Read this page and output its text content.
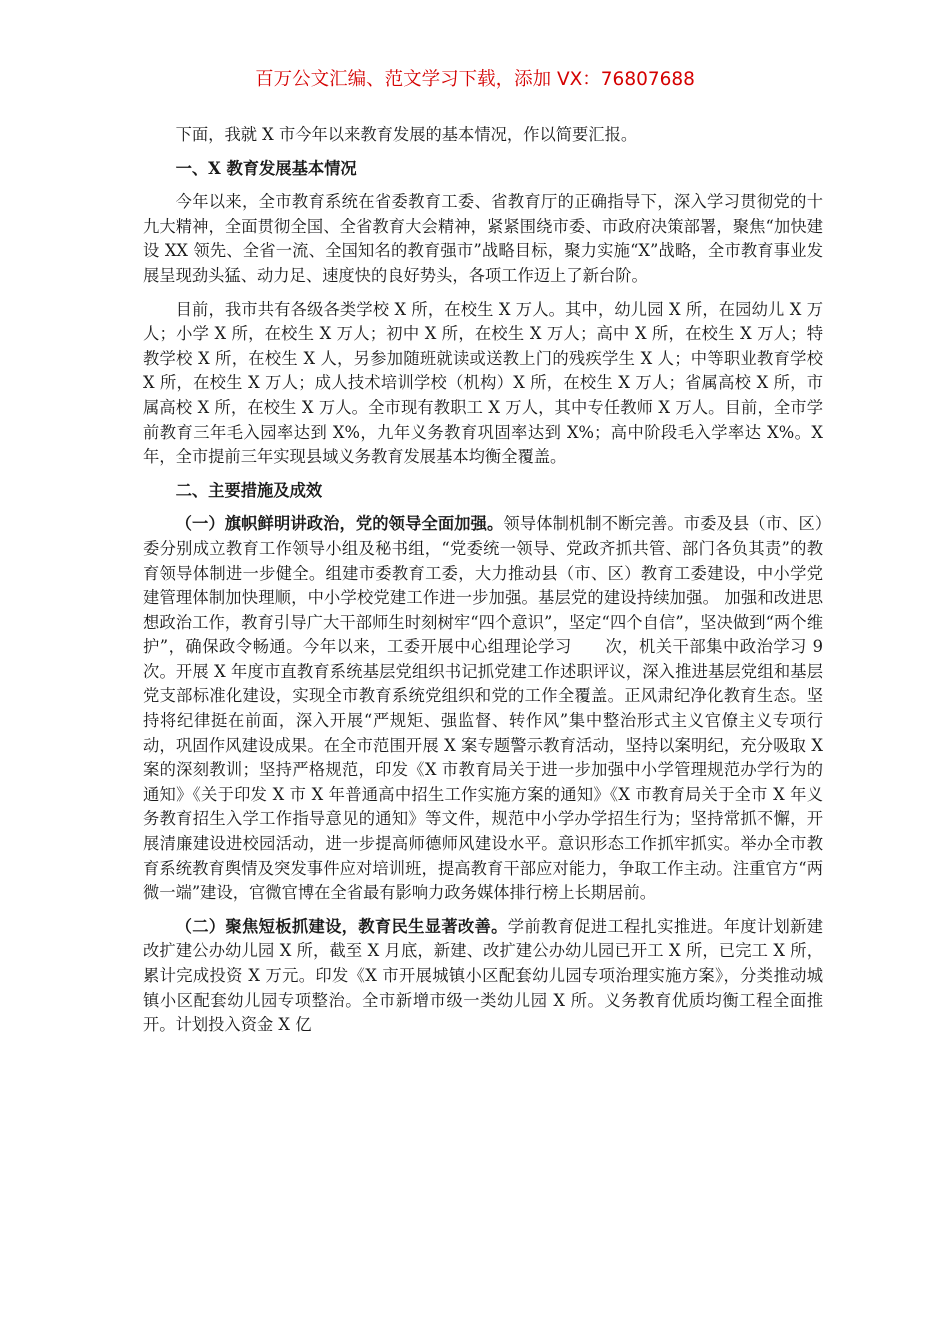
百万公文汇编、范文学习下载，添加 VX：76807688

下面，我就 X 市今年以来教育发展的基本情况，作以简要汇报。

一、X 教育发展基本情况

今年以来，全市教育系统在省委教育工委、省教育厅的正确指导下，深入学习贯彻党的十九大精神，全面贯彻全国、全省教育大会精神，紧紧围绕市委、市政府决策部署，聚焦“加快建设 XX 领先、全省一流、全国知名的教育强市”战略目标，聚力实施“X”战略，全市教育事业发展呈现劲头猛、动力足、速度快的良好势头，各项工作迈上了新台阶。

目前，我市共有各级各类学校 X 所，在校生 X 万人。其中，幼儿园 X 所，在园幼儿 X 万人；小学 X 所，在校生 X 万人；初中 X 所，在校生 X 万人；高中 X 所，在校生 X 万人；特教学校 X 所，在校生 X 人，另参加随班就读或送教上门的残疾学生 X 人；中等职业教育学校 X 所，在校生 X 万人；成人技术培训学校（机构）X 所，在校生 X 万人；省属高校 X 所，市属高校 X 所，在校生 X 万人。全市现有教职工 X 万人，其中专任教师 X 万人。目前，全市学前教育三年毛入园率达到 X%，九年义务教育巩固率达到 X%；高中阶段毛入学率达 X%。X 年，全市提前三年实现县域义务教育发展基本均衡全覆盖。

二、主要措施及成效

（一）旗帜鲜明讲政治，党的领导全面加强。领导体制机制不断完善。市委及县（市、区）委分别成立教育工作领导小组及秘书组，“党委统一领导、党政齐抓共管、部门各负其责”的教育领导体制进一步健全。组建市委教育工委，大力推动县（市、区）教育工委建设，中小学党建管理体制加快理顺，中小学校党建工作进一步加强。基层党的建设持续加强。 加强和改进思想政治工作，教育引导广大干部师生时刻树牢“四个意识”，坚定“四个自信”，坚决做到“两个维护”，确保政令畅通。今年以来，工委开展中心组理论学习　　次，机关干部集中政治学习 9 次。开展 X 年度市直教育系统基层党组织书记抓党建工作述职评议，深入推进基层党组和基层党支部标准化建设，实现全市教育系统党组织和党的工作全覆盖。正风肃纪净化教育生态。坚持将纪律挺在前面，深入开展“严规矩、强监督、转作风”集中整治形式主义官僚主义专项行动，巩固作风建设成果。在全市范围开展 X 案专题警示教育活动，坚持以案明纪，充分吸取 X 案的深刻教训；坚持严格规范，印发《X 市教育局关于进一步加强中小学管理规范办学行为的通知》《关于印发 X 市 X 年普通高中招生工作实施方案的通知》《X 市教育局关于全市 X 年义务教育招生入学工作指导意见的通知》等文件，规范中小学办学招生行为；坚持常抓不懈，开展清廉建设进校园活动，进一步提高师德师风建设水平。意识形态工作抓牢抓实。举办全市教育系统教育舆情及突发事件应对培训班，提高教育干部应对能力，争取工作主动。注重官方“两微一端”建设，官微官博在全省最有影响力政务媒体排行榜上长期居前。

（二）聚焦短板抓建设，教育民生显著改善。学前教育促进工程扎实推进。年度计划新建改扩建公办幼儿园 X 所，截至 X 月底，新建、改扩建公办幼儿园已开工 X 所，已完工 X 所，累计完成投资 X 万元。印发《X 市开展城镇小区配套幼儿园专项治理实施方案》，分类推动城镇小区配套幼儿园专项整治。全市新增市级一类幼儿园 X 所。义务教育优质均衡工程全面推开。计划投入资金 X 亿
